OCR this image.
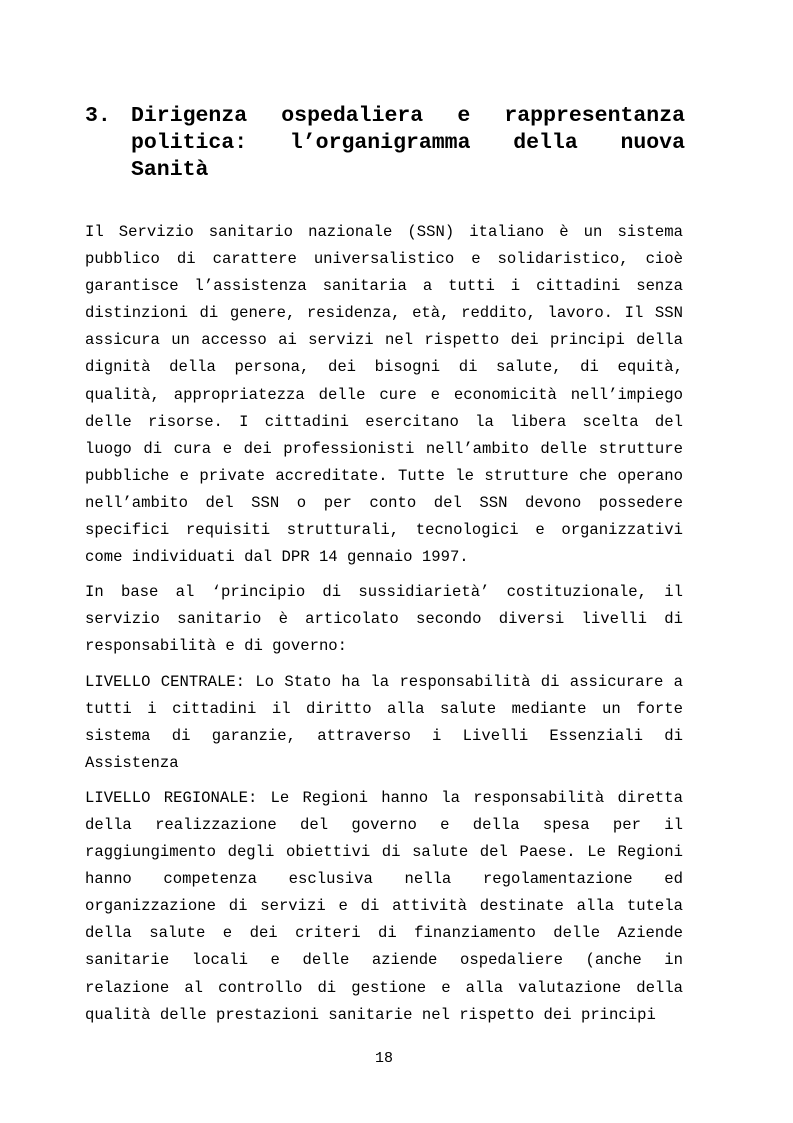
3. Dirigenza ospedaliera e rappresentanza politica: l’organigramma della nuova Sanità

Il Servizio sanitario nazionale (SSN) italiano è un sistema pubblico di carattere universalistico e solidaristico, cioè garantisce l’assistenza sanitaria a tutti i cittadini senza distinzioni di genere, residenza, età, reddito, lavoro. Il SSN assicura un accesso ai servizi nel rispetto dei principi della dignità della persona, dei bisogni di salute, di equità, qualità, appropriatezza delle cure e economicità nell’impiego delle risorse. I cittadini esercitano la libera scelta del luogo di cura e dei professionisti nell’ambito delle strutture pubbliche e private accreditate. Tutte le strutture che operano nell’ambito del SSN o per conto del SSN devono possedere specifici requisiti strutturali, tecnologici e organizzativi come individuati dal DPR 14 gennaio 1997.

In base al ‘principio di sussidiarietà’ costituzionale, il servizio sanitario è articolato secondo diversi livelli di responsabilità e di governo:

LIVELLO CENTRALE: Lo Stato ha la responsabilità di assicurare a tutti i cittadini il diritto alla salute mediante un forte sistema di garanzie, attraverso i Livelli Essenziali di Assistenza

LIVELLO REGIONALE: Le Regioni hanno la responsabilità diretta della realizzazione del governo e della spesa per il raggiungimento degli obiettivi di salute del Paese. Le Regioni hanno competenza esclusiva nella regolamentazione ed organizzazione di servizi e di attività destinate alla tutela della salute e dei criteri di finanziamento delle Aziende sanitarie locali e delle aziende ospedaliere (anche in relazione al controllo di gestione e alla valutazione della qualità delle prestazioni sanitarie nel rispetto dei principi

18
